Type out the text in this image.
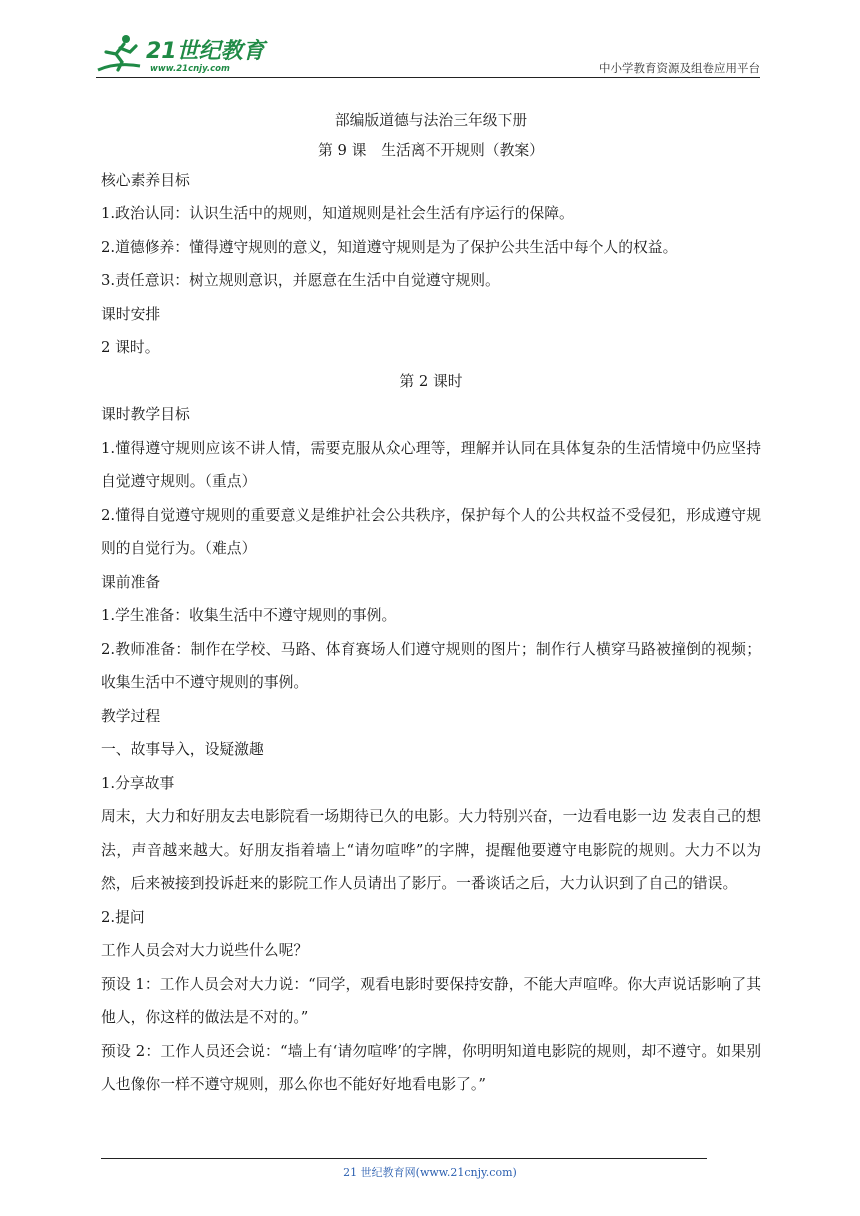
21世纪教育
www.21cnjy.com	中小学教育资源及组卷应用平台

部编版道德与法治三年级下册

第 9 课　生活离不开规则（教案）

核心素养目标

1.政治认同：认识生活中的规则，知道规则是社会生活有序运行的保障。

2.道德修养：懂得遵守规则的意义，知道遵守规则是为了保护公共生活中每个人的权益。

3.责任意识：树立规则意识，并愿意在生活中自觉遵守规则。

课时安排

2 课时。

第 2 课时

课时教学目标

1.懂得遵守规则应该不讲人情，需要克服从众心理等，理解并认同在具体复杂的生活情境中仍应坚持自觉遵守规则。（重点）

2.懂得自觉遵守规则的重要意义是维护社会公共秩序，保护每个人的公共权益不受侵犯，形成遵守规则的自觉行为。（难点）

课前准备

1.学生准备：收集生活中不遵守规则的事例。

2.教师准备：制作在学校、马路、体育赛场人们遵守规则的图片；制作行人横穿马路被撞倒的视频；收集生活中不遵守规则的事例。

教学过程

一、故事导入，设疑激趣

1.分享故事

周末，大力和好朋友去电影院看一场期待已久的电影。大力特别兴奋，一边看电影一边 发表自己的想法，声音越来越大。好朋友指着墙上“请勿喧哗”的字牌，提醒他要遵守电影院的规则。大力不以为然，后来被接到投诉赶来的影院工作人员请出了影厅。一番谈话之后，大力认识到了自己的错误。

2.提问

工作人员会对大力说些什么呢？

预设 1：工作人员会对大力说：“同学，观看电影时要保持安静，不能大声喧哗。你大声说话影响了其他人，你这样的做法是不对的。”

预设 2：工作人员还会说：“墙上有‘请勿喧哗’的字牌，你明明知道电影院的规则，却不遵守。如果别人也像你一样不遵守规则，那么你也不能好好地看电影了。”

21 世纪教育网(www.21cnjy.com)
